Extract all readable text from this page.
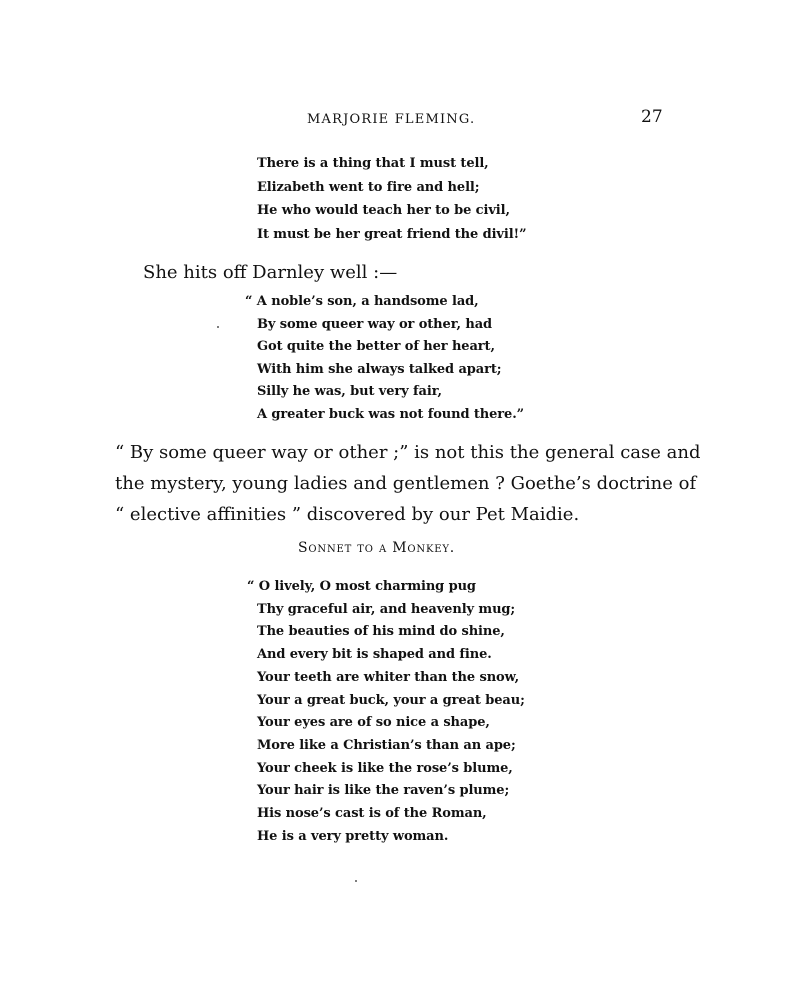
MARJORIE FLEMING.	27
There is a thing that I must tell,
Elizabeth went to fire and hell;
He who would teach her to be civil,
It must be her great friend the divil!”
She hits off Darnley well :—
“ A noble’s son, a handsome lad,
By some queer way or other, had
Got quite the better of her heart,
With him she always talked apart;
Silly he was, but very fair,
A greater buck was not found there.”
“ By some queer way or other ;” is not this the general case and
the mystery, young ladies and gentlemen ? Goethe’s doctrine of
“ elective affinities ” discovered by our Pet Maidie.
Sonnet to a Monkey.
“ O lively, O most charming pug
Thy graceful air, and heavenly mug;
The beauties of his mind do shine,
And every bit is shaped and fine.
Your teeth are whiter than the snow,
Your a great buck, your a great beau;
Your eyes are of so nice a shape,
More like a Christian’s than an ape;
Your cheek is like the rose’s blume,
Your hair is like the raven’s plume;
His nose’s cast is of the Roman,
He is a very pretty woman.
